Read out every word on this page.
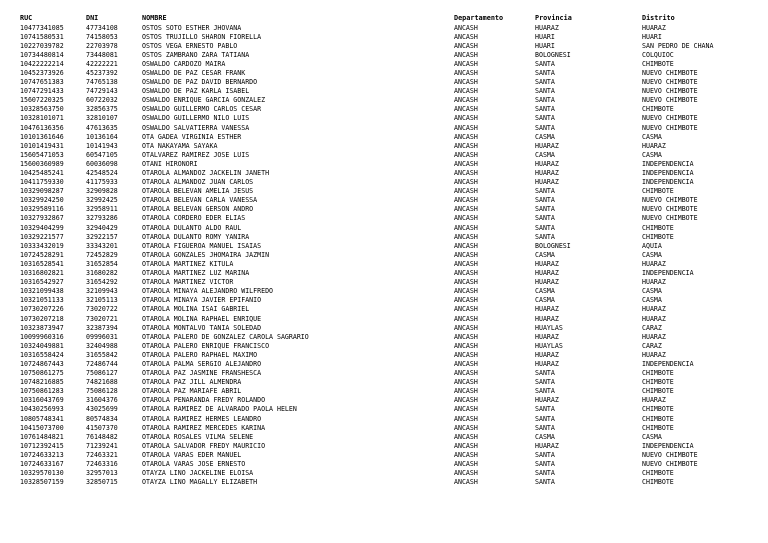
RUC	DNI	NOMBRE	Departamento	Provincia	Distrito
10477341085	47734108	OSTOS SOTO ESTHER JHOVANA	ANCASH	HUARAZ	HUARAZ
10741580531	74158053	OSTOS TRUJILLO SHARON FIORELLA	ANCASH	HUARI	HUARI
10227039782	22703978	OSTOS VEGA ERNESTO PABLO	ANCASH	HUARI	SAN PEDRO DE CHANA
10734480814	73448081	OSTOS ZAMBRANO ZARA TATIANA	ANCASH	BOLOGNESI	COLQUIOC
10422222214	42222221	OSWALDO CARDOZO MAIRA	ANCASH	SANTA	CHIMBOTE
10452373926	45237392	OSWALDO DE PAZ CESAR FRANK	ANCASH	SANTA	NUEVO CHIMBOTE
10747651383	74765138	OSWALDO DE PAZ DAVID BERNARDO	ANCASH	SANTA	NUEVO CHIMBOTE
10747291433	74729143	OSWALDO DE PAZ KARLA ISABEL	ANCASH	SANTA	NUEVO CHIMBOTE
15607220325	60722032	OSWALDO ENRIQUE GARCIA GONZALEZ	ANCASH	SANTA	NUEVO CHIMBOTE
10328563750	32856375	OSWALDO GUILLERMO CARLOS CESAR	ANCASH	SANTA	CHIMBOTE
10328101071	32810107	OSWALDO GUILLERMO NILO LUIS	ANCASH	SANTA	NUEVO CHIMBOTE
10476136356	47613635	OSWALDO SALVATIERRA VANESSA	ANCASH	SANTA	NUEVO CHIMBOTE
10101361646	10136164	OTA GADEA VIRGINIA ESTHER	ANCASH	CASMA	CASMA
10101419431	10141943	OTA NAKAYAMA SAYAKA	ANCASH	HUARAZ	HUARAZ
15605471053	60547105	OTALVAREZ RAMIREZ JOSE LUIS	ANCASH	CASMA	CASMA
15600360989	60036098	OTANI HIRONORI	ANCASH	HUARAZ	INDEPENDENCIA
10425485241	42548524	OTAROLA ALMANDOZ JACKELIN JANETH	ANCASH	HUARAZ	INDEPENDENCIA
10411759330	41175933	OTAROLA ALMANDOZ JUAN CARLOS	ANCASH	HUARAZ	INDEPENDENCIA
10329098287	32909828	OTAROLA BELEVAN AMELIA JESUS	ANCASH	SANTA	CHIMBOTE
10329924250	32992425	OTAROLA BELEVAN CARLA VANESSA	ANCASH	SANTA	NUEVO CHIMBOTE
10329589116	32958911	OTAROLA BELEVAN GERSON ANDRO	ANCASH	SANTA	NUEVO CHIMBOTE
10327932867	32793286	OTAROLA CORDERO EDER ELIAS	ANCASH	SANTA	NUEVO CHIMBOTE
10329404299	32940429	OTAROLA DULANTO ALDO RAUL	ANCASH	SANTA	CHIMBOTE
10329221577	32922157	OTAROLA DULANTO ROMY YANIRA	ANCASH	SANTA	CHIMBOTE
10333432019	33343201	OTAROLA FIGUEROA MANUEL ISAIAS	ANCASH	BOLOGNESI	AQUIA
10724528291	72452829	OTAROLA GONZALES JHOMAIRA JAZMIN	ANCASH	CASMA	CASMA
10316528541	31652854	OTAROLA MARTINEZ KITULA	ANCASH	HUARAZ	HUARAZ
10316802821	31680282	OTAROLA MARTINEZ LUZ MARINA	ANCASH	HUARAZ	INDEPENDENCIA
10316542927	31654292	OTAROLA MARTINEZ VICTOR	ANCASH	HUARAZ	HUARAZ
10321099438	32109943	OTAROLA MINAYA ALEJANDRO WILFREDO	ANCASH	CASMA	CASMA
10321051133	32105113	OTAROLA MINAYA JAVIER EPIFANIO	ANCASH	CASMA	CASMA
10730207226	73020722	OTAROLA MOLINA ISAI GABRIEL	ANCASH	HUARAZ	HUARAZ
10730207218	73020721	OTAROLA MOLINA RAPHAEL ENRIQUE	ANCASH	HUARAZ	HUARAZ
10323873947	32387394	OTAROLA MONTALVO TANIA SOLEDAD	ANCASH	HUAYLAS	CARAZ
10099960316	09996031	OTAROLA PALERO DE GONZALEZ CAROLA SAGRARIO	ANCASH	HUARAZ	HUARAZ
10324049881	32404988	OTAROLA PALERO ENRIQUE FRANCISCO	ANCASH	HUAYLAS	CARAZ
10316558424	31655842	OTAROLA PALERO RAPHAEL MAXIMO	ANCASH	HUARAZ	HUARAZ
10724867443	72486744	OTAROLA PALMA SERGIO ALEJANDRO	ANCASH	HUARAZ	INDEPENDENCIA
10750861275	75086127	OTAROLA PAZ JASMINE FRANSHESCA	ANCASH	SANTA	CHIMBOTE
10748216885	74821688	OTAROLA PAZ JILL ALMENDRA	ANCASH	SANTA	CHIMBOTE
10750861283	75086128	OTAROLA PAZ MARIAFE ABRIL	ANCASH	SANTA	CHIMBOTE
10316043769	31604376	OTAROLA PEÑARANDA FREDY ROLANDO	ANCASH	HUARAZ	HUARAZ
10430256993	43025699	OTAROLA RAMIREZ DE ALVARADO PAOLA HELEN	ANCASH	SANTA	CHIMBOTE
10805748341	80574834	OTAROLA RAMIREZ HERMES LEANDRO	ANCASH	SANTA	CHIMBOTE
10415073700	41507370	OTAROLA RAMIREZ MERCEDES KARINA	ANCASH	SANTA	CHIMBOTE
10761484821	76148482	OTAROLA ROSALES VILMA SELENE	ANCASH	CASMA	CASMA
10712392415	71239241	OTAROLA SALVADOR FREDY MAURICIO	ANCASH	HUARAZ	INDEPENDENCIA
10724633213	72463321	OTAROLA VARAS EDER MANUEL	ANCASH	SANTA	NUEVO CHIMBOTE
10724633167	72463316	OTAROLA VARAS JOSE ERNESTO	ANCASH	SANTA	NUEVO CHIMBOTE
10329570130	32957013	OTAYZA LINO JACKELINE ELOISA	ANCASH	SANTA	CHIMBOTE
10328507159	32850715	OTAYZA LINO MAGALLY ELIZABETH	ANCASH	SANTA	CHIMBOTE
